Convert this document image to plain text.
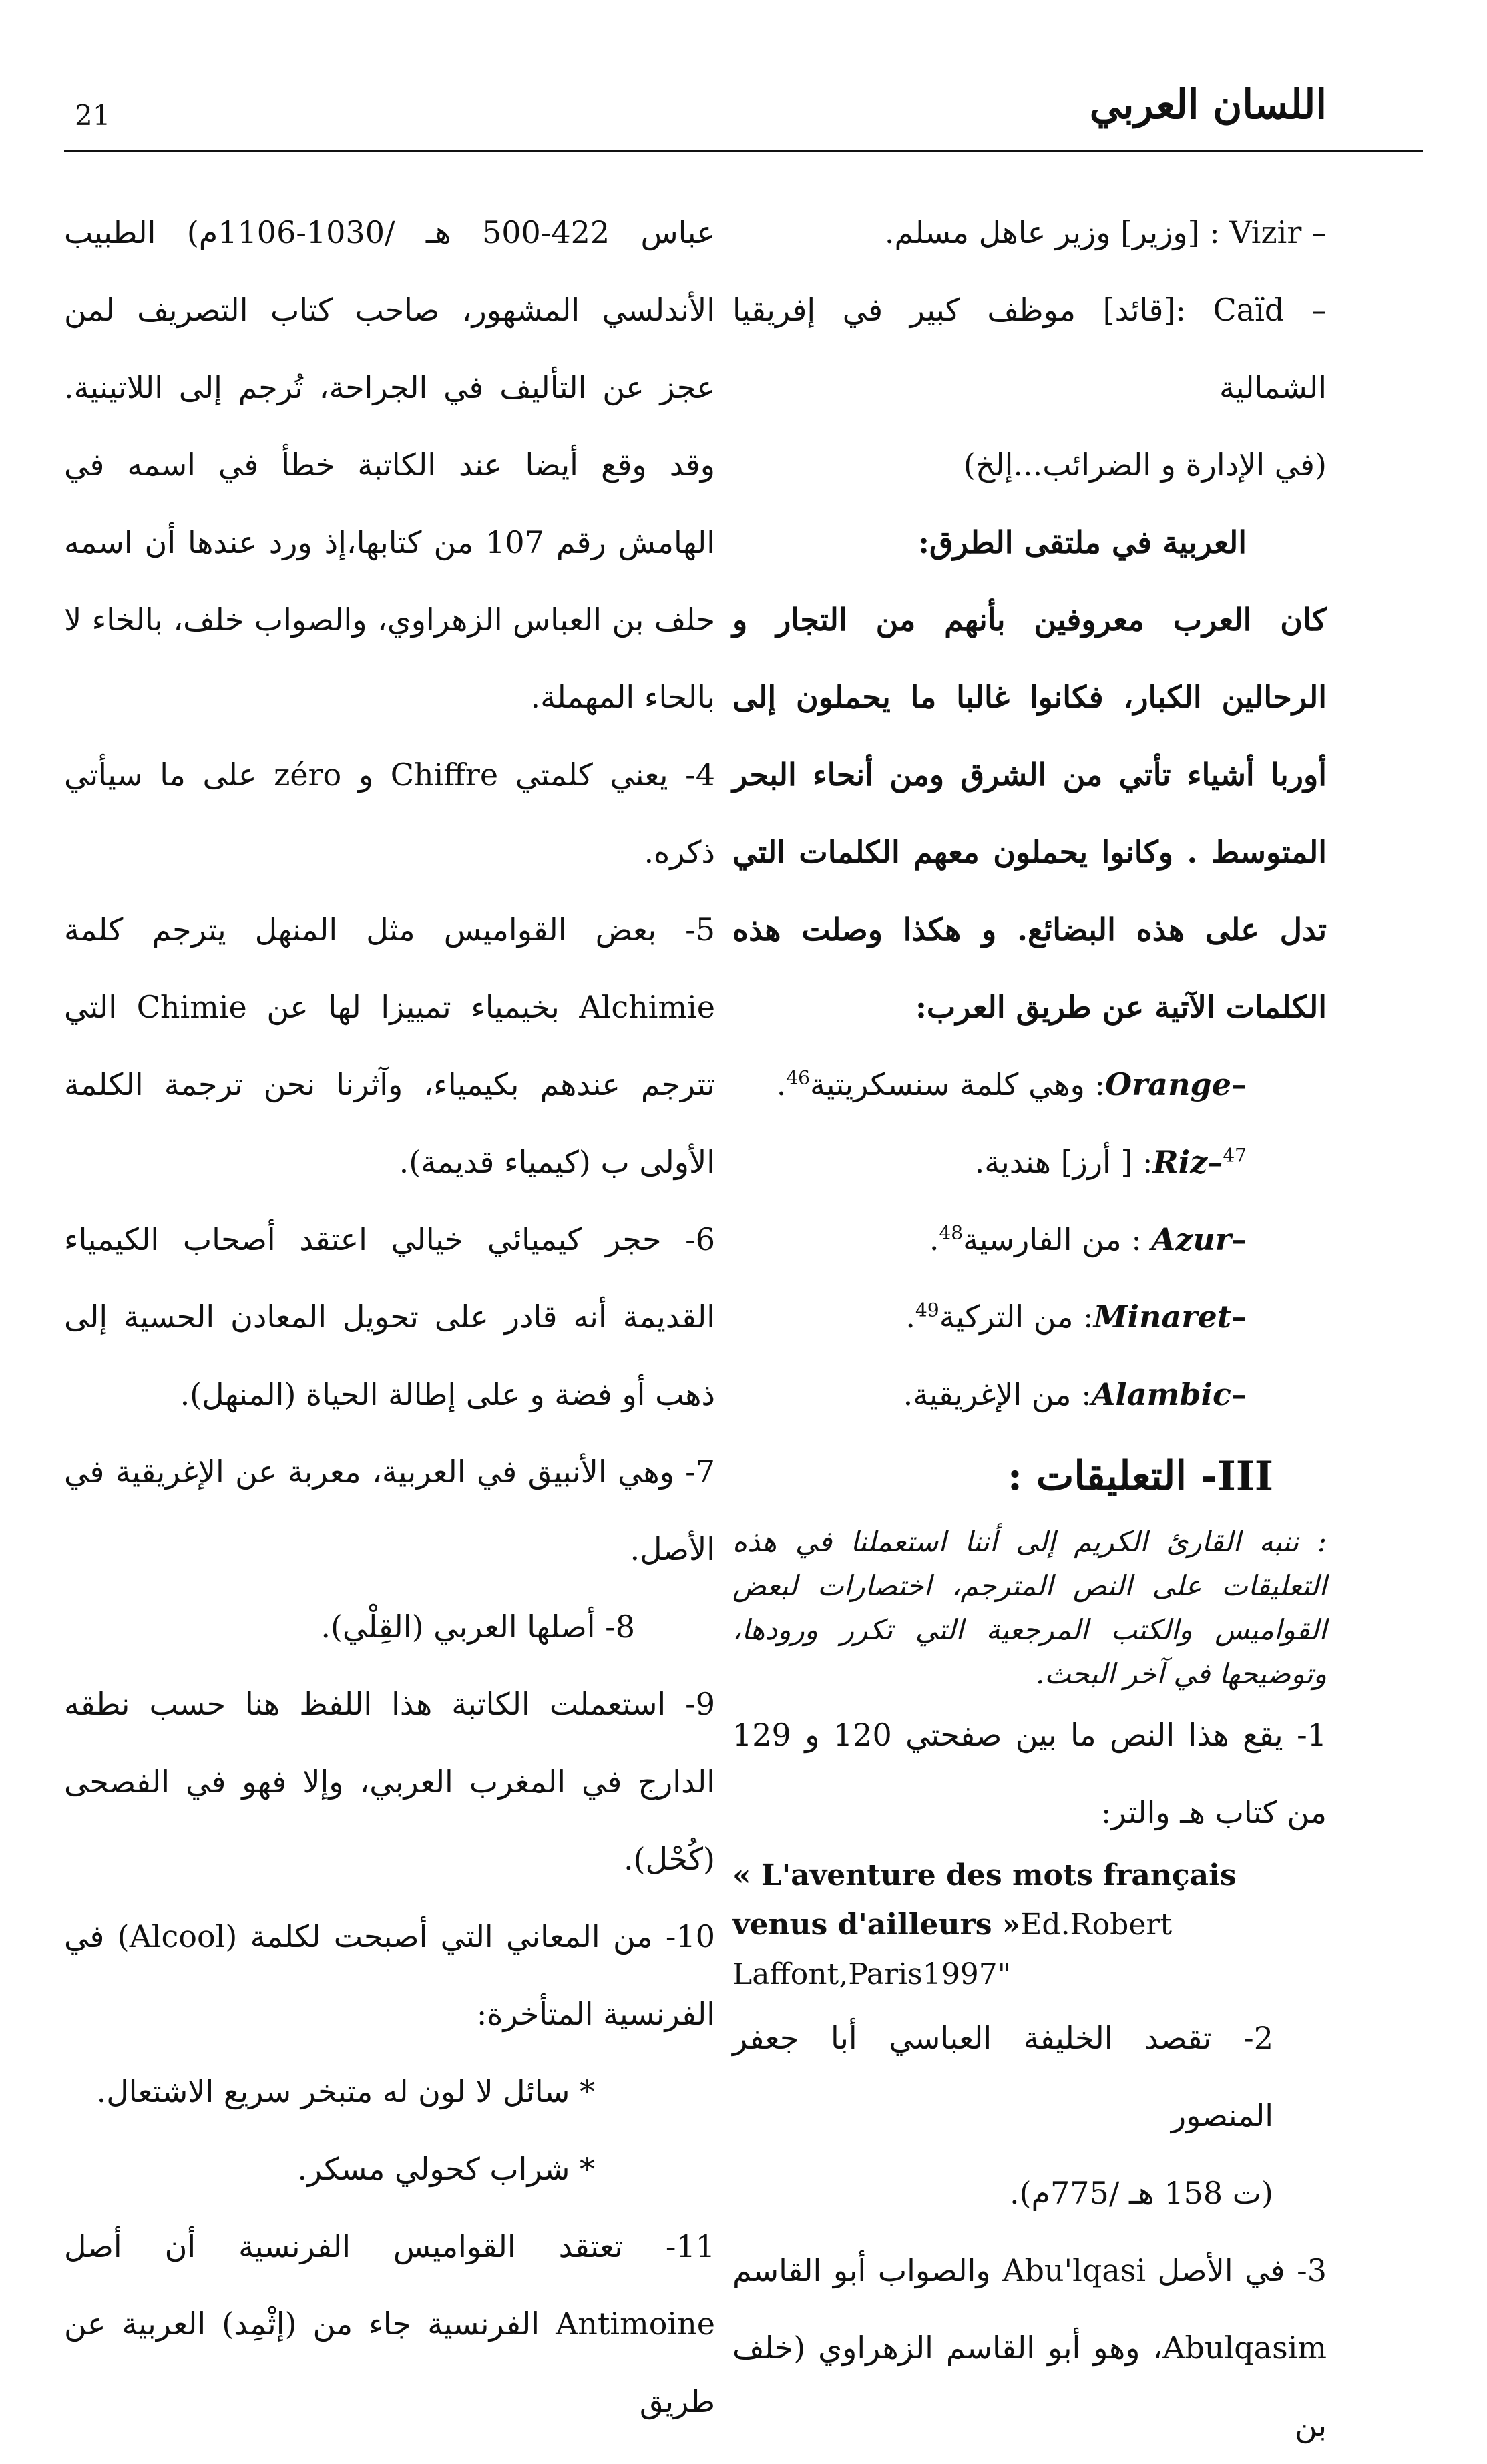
21	اللسان العربي

– Vizir : [وزير] وزير عاهل مسلم.

– Caïd :[قائد] موظف كبير في إفريقيا الشمالية

(في الإدارة و الضرائب...إلخ)

العربية في ملتقى الطرق:

كان العرب معروفين بأنهم من التجار و الرحالين الكبار، فكانوا غالبا ما يحملون إلى أوربا أشياء تأتي من الشرق ومن أنحاء البحر المتوسط . وكانوا يحملون معهم الكلمات التي تدل على هذه البضائع. و هكذا وصلت هذه الكلمات الآتية عن طريق العرب:

Orange–: وهي كلمة سنسكريتية$^{46}$.

Riz–$^{47}$: [ أرز] هندية.

Azur– : من الفارسية$^{48}$.

Minaret–: من التركية$^{49}$.

Alambic–: من الإغريقية.

III- التعليقات :

: ننبه القارئ الكريم إلى أننا استعملنا في هذه التعليقات على النص المترجم، اختصارات لبعض القواميس والكتب المرجعية التي تكرر ورودها، وتوضيحها في آخر البحث.

1- يقع هذا النص ما بين صفحتي 120 و 129 من كتاب هـ والتر:

« L'aventure des mots français venus d'ailleurs »Ed.Robert Laffont,Paris1997"

2- تقصد الخليفة العباسي أبا جعفر المنصور

(ت 158 هـ /775م).

3- في الأصل Abu'lqasi والصواب أبو القاسم Abulqasim، وهو أبو القاسم الزهراوي (خلف بن

عباس 422-500 هـ /1030-1106م) الطبيب الأندلسي المشهور، صاحب كتاب التصريف لمن عجز عن التأليف في الجراحة، تُرجم إلى اللاتينية. وقد وقع أيضا عند الكاتبة خطأ في اسمه في الهامش رقم 107 من كتابها،إذ ورد عندها أن اسمه حلف بن العباس الزهراوي، والصواب خلف، بالخاء لا بالحاء المهملة.

4- يعني كلمتي Chiffre و zéro على ما سيأتي ذكره.

5- بعض القواميس مثل المنهل يترجم كلمة Alchimie بخيمياء تمييزا لها عن Chimie التي تترجم عندهم بكيمياء، وآثرنا نحن ترجمة الكلمة الأولى ب (كيمياء قديمة).

6- حجر كيميائي خيالي اعتقد أصحاب الكيمياء القديمة أنه قادر على تحويل المعادن الحسية إلى ذهب أو فضة و على إطالة الحياة (المنهل).

7- وهي الأنبيق في العربية، معربة عن الإغريقية في الأصل.

8- أصلها العربي (القِلْي).

9- استعملت الكاتبة هذا اللفظ هنا حسب نطقه الدارج في المغرب العربي، وإلا فهو في الفصحى (كُحْل).

10- من المعاني التي أصبحت لكلمة (Alcool) في الفرنسية المتأخرة:

* سائل لا لون له متبخر سريع الاشتعال.

* شراب كحولي مسكر.

11- تعتقد القواميس الفرنسية أن أصل Antimoine الفرنسية جاء من (إثْمِد) العربية عن طريق
